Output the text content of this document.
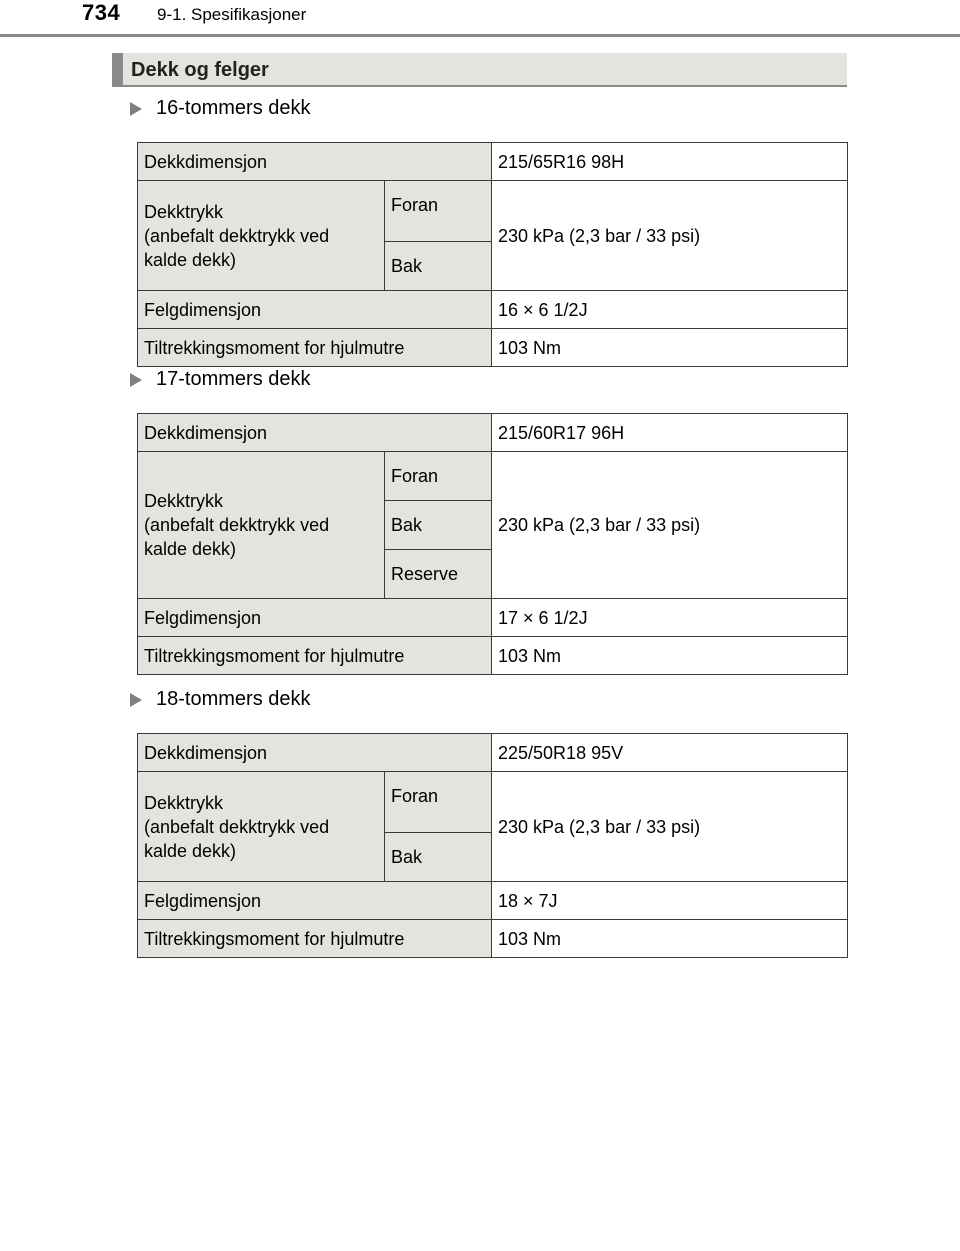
734 9-1. Spesifikasjoner
Dekk og felger
16-tommers dekk
Dekkdimensjon		215/65R16 98H

Dekktrykk
(anbefalt dekktrykk ved
kalde dekk)	Foran	230 kPa (2,3 bar / 33 psi)
	Bak	
Felgdimensjon		16 × 6 1/2J
Tiltrekkingsmoment for hjulmutre		103 Nm
17-tommers dekk
Dekkdimensjon		215/60R17 96H

Dekktrykk
(anbefalt dekktrykk ved
kalde dekk)	Foran	230 kPa (2,3 bar / 33 psi)
	Bak	
	Reserve	
Felgdimensjon		17 × 6 1/2J
Tiltrekkingsmoment for hjulmutre		103 Nm
18-tommers dekk
Dekkdimensjon		225/50R18 95V

Dekktrykk
(anbefalt dekktrykk ved
kalde dekk)	Foran	230 kPa (2,3 bar / 33 psi)
	Bak	
Felgdimensjon		18 × 7J
Tiltrekkingsmoment for hjulmutre		103 Nm
